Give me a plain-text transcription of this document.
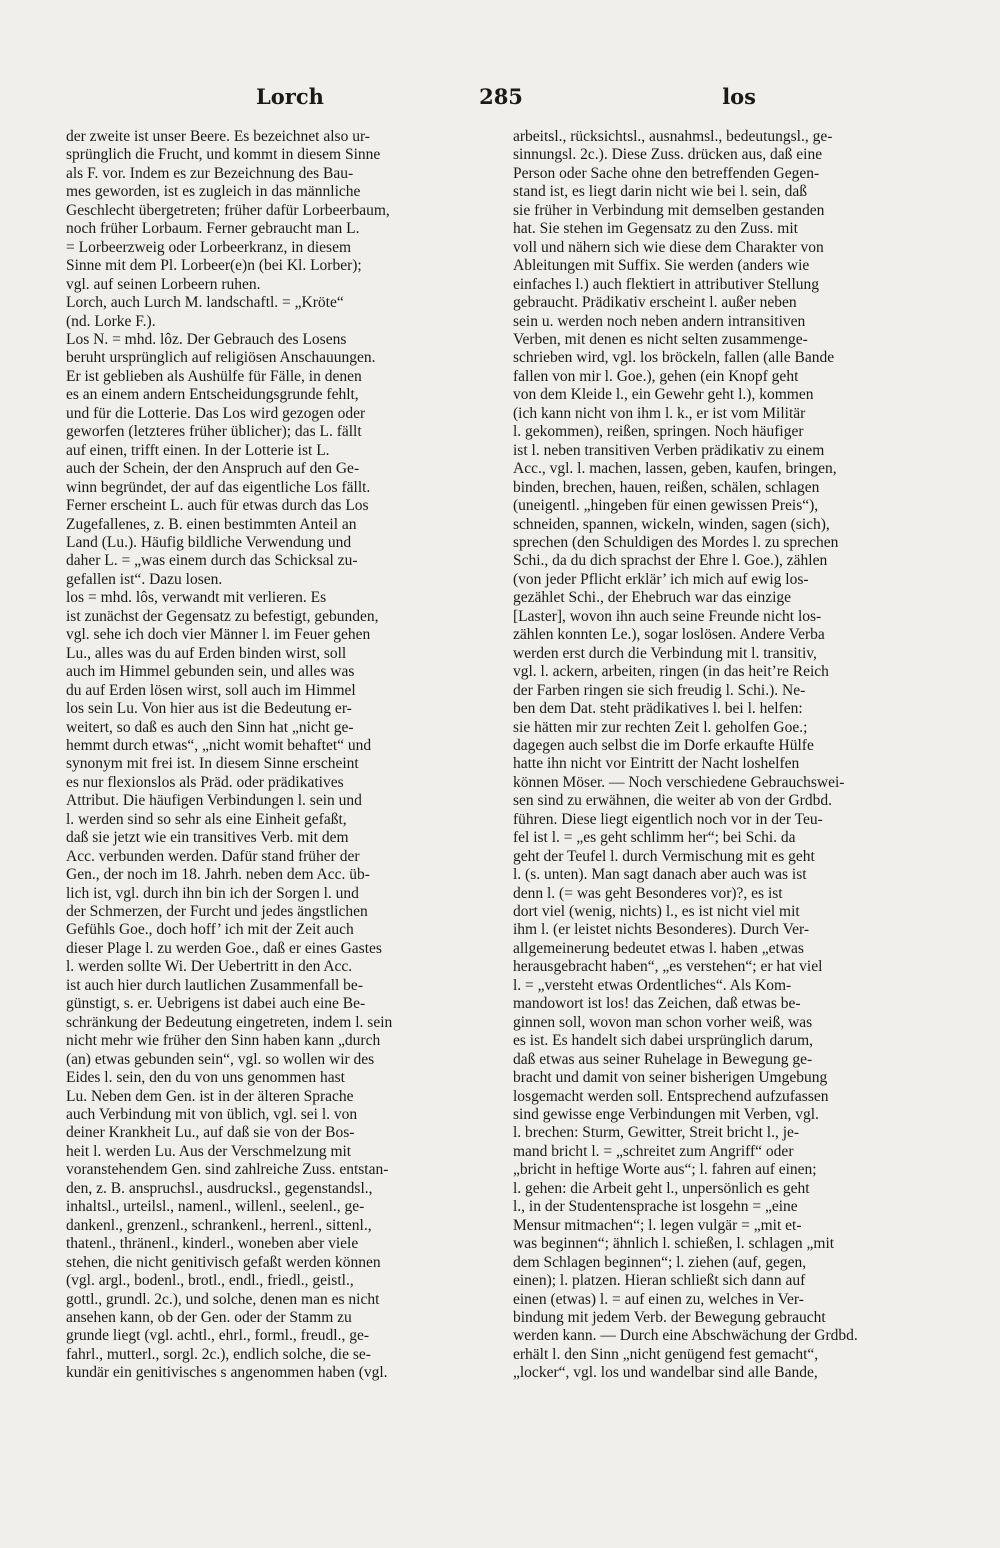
Lorch	285	los
der zweite ist unser Beere. Es bezeichnet also ur-
sprünglich die Frucht, und kommt in diesem Sinne
als F. vor. Indem es zur Bezeichnung des Bau-
mes geworden, ist es zugleich in das männliche
Geschlecht übergetreten; früher dafür Lorbeerbaum,
noch früher Lorbaum. Ferner gebraucht man L.
= Lorbeerzweig oder Lorbeerkranz, in diesem
Sinne mit dem Pl. Lorbeer(e)n (bei Kl. Lorber);
vgl. auf seinen Lorbeern ruhen.
Lorch, auch Lurch M. landschaftl. = „Kröte“
(nd. Lorke F.).
Los N. = mhd. lôz. Der Gebrauch des Losens
beruht ursprünglich auf religiösen Anschauungen.
Er ist geblieben als Aushülfe für Fälle, in denen
es an einem andern Entscheidungsgrunde fehlt,
und für die Lotterie. Das Los wird gezogen oder
geworfen (letzteres früher üblicher); das L. fällt
auf einen, trifft einen. In der Lotterie ist L.
auch der Schein, der den Anspruch auf den Ge-
winn begründet, der auf das eigentliche Los fällt.
Ferner erscheint L. auch für etwas durch das Los
Zugefallenes, z. B. einen bestimmten Anteil an
Land (Lu.). Häufig bildliche Verwendung und
daher L. = „was einem durch das Schicksal zu-
gefallen ist“. Dazu losen.
los = mhd. lôs, verwandt mit verlieren. Es
ist zunächst der Gegensatz zu befestigt, gebunden,
vgl. sehe ich doch vier Männer l. im Feuer gehen
Lu., alles was du auf Erden binden wirst, soll
auch im Himmel gebunden sein, und alles was
du auf Erden lösen wirst, soll auch im Himmel
los sein Lu. Von hier aus ist die Bedeutung er-
weitert, so daß es auch den Sinn hat „nicht ge-
hemmt durch etwas“, „nicht womit behaftet“ und
synonym mit frei ist. In diesem Sinne erscheint
es nur flexionslos als Präd. oder prädikatives
Attribut. Die häufigen Verbindungen l. sein und
l. werden sind so sehr als eine Einheit gefaßt,
daß sie jetzt wie ein transitives Verb. mit dem
Acc. verbunden werden. Dafür stand früher der
Gen., der noch im 18. Jahrh. neben dem Acc. üb-
lich ist, vgl. durch ihn bin ich der Sorgen l. und
der Schmerzen, der Furcht und jedes ängstlichen
Gefühls Goe., doch hoff’ ich mit der Zeit auch
dieser Plage l. zu werden Goe., daß er eines Gastes
l. werden sollte Wi. Der Uebertritt in den Acc.
ist auch hier durch lautlichen Zusammenfall be-
günstigt, s. er. Uebrigens ist dabei auch eine Be-
schränkung der Bedeutung eingetreten, indem l. sein
nicht mehr wie früher den Sinn haben kann „durch
(an) etwas gebunden sein“, vgl. so wollen wir des
Eides l. sein, den du von uns genommen hast
Lu. Neben dem Gen. ist in der älteren Sprache
auch Verbindung mit von üblich, vgl. sei l. von
deiner Krankheit Lu., auf daß sie von der Bos-
heit l. werden Lu. Aus der Verschmelzung mit
voranstehendem Gen. sind zahlreiche Zuss. entstan-
den, z. B. anspruchsl., ausdrucksl., gegenstandsl.,
inhaltsl., urteilsl., namenl., willenl., seelenl., ge-
dankenl., grenzenl., schrankenl., herrenl., sittenl.,
thatenl., thränenl., kinderl., woneben aber viele
stehen, die nicht genitivisch gefaßt werden können
(vgl. argl., bodenl., brotl., endl., friedl., geistl.,
gottl., grundl. 2c.), und solche, denen man es nicht
ansehen kann, ob der Gen. oder der Stamm zu
grunde liegt (vgl. achtl., ehrl., forml., freudl., ge-
fahrl., mutterl., sorgl. 2c.), endlich solche, die se-
kundär ein genitivisches s angenommen haben (vgl.
arbeitsl., rücksichtsl., ausnahmsl., bedeutungsl., ge-
sinnungsl. 2c.). Diese Zuss. drücken aus, daß eine
Person oder Sache ohne den betreffenden Gegen-
stand ist, es liegt darin nicht wie bei l. sein, daß
sie früher in Verbindung mit demselben gestanden
hat. Sie stehen im Gegensatz zu den Zuss. mit
voll und nähern sich wie diese dem Charakter von
Ableitungen mit Suffix. Sie werden (anders wie
einfaches l.) auch flektiert in attributiver Stellung
gebraucht. Prädikativ erscheint l. außer neben
sein u. werden noch neben andern intransitiven
Verben, mit denen es nicht selten zusammenge-
schrieben wird, vgl. los bröckeln, fallen (alle Bande
fallen von mir l. Goe.), gehen (ein Knopf geht
von dem Kleide l., ein Gewehr geht l.), kommen
(ich kann nicht von ihm l. k., er ist vom Militär
l. gekommen), reißen, springen. Noch häufiger
ist l. neben transitiven Verben prädikativ zu einem
Acc., vgl. l. machen, lassen, geben, kaufen, bringen,
binden, brechen, hauen, reißen, schälen, schlagen
(uneigentl. „hingeben für einen gewissen Preis“),
schneiden, spannen, wickeln, winden, sagen (sich),
sprechen (den Schuldigen des Mordes l. zu sprechen
Schi., da du dich sprachst der Ehre l. Goe.), zählen
(von jeder Pflicht erklär’ ich mich auf ewig los-
gezählet Schi., der Ehebruch war das einzige
[Laster], wovon ihn auch seine Freunde nicht los-
zählen konnten Le.), sogar loslösen. Andere Verba
werden erst durch die Verbindung mit l. transitiv,
vgl. l. ackern, arbeiten, ringen (in das heit’re Reich
der Farben ringen sie sich freudig l. Schi.). Ne-
ben dem Dat. steht prädikatives l. bei l. helfen:
sie hätten mir zur rechten Zeit l. geholfen Goe.;
dagegen auch selbst die im Dorfe erkaufte Hülfe
hatte ihn nicht vor Eintritt der Nacht loshelfen
können Möser. — Noch verschiedene Gebrauchswei-
sen sind zu erwähnen, die weiter ab von der Grdbd.
führen. Diese liegt eigentlich noch vor in der Teu-
fel ist l. = „es geht schlimm her“; bei Schi. da
geht der Teufel l. durch Vermischung mit es geht
l. (s. unten). Man sagt danach aber auch was ist
denn l. (= was geht Besonderes vor)?, es ist
dort viel (wenig, nichts) l., es ist nicht viel mit
ihm l. (er leistet nichts Besonderes). Durch Ver-
allgemeinerung bedeutet etwas l. haben „etwas
herausgebracht haben“, „es verstehen“; er hat viel
l. = „versteht etwas Ordentliches“. Als Kom-
mandowort ist los! das Zeichen, daß etwas be-
ginnen soll, wovon man schon vorher weiß, was
es ist. Es handelt sich dabei ursprünglich darum,
daß etwas aus seiner Ruhelage in Bewegung ge-
bracht und damit von seiner bisherigen Umgebung
losgemacht werden soll. Entsprechend aufzufassen
sind gewisse enge Verbindungen mit Verben, vgl.
l. brechen: Sturm, Gewitter, Streit bricht l., je-
mand bricht l. = „schreitet zum Angriff“ oder
„bricht in heftige Worte aus“; l. fahren auf einen;
l. gehen: die Arbeit geht l., unpersönlich es geht
l., in der Studentensprache ist losgehn = „eine
Mensur mitmachen“; l. legen vulgär = „mit et-
was beginnen“; ähnlich l. schießen, l. schlagen „mit
dem Schlagen beginnen“; l. ziehen (auf, gegen,
einen); l. platzen. Hieran schließt sich dann auf
einen (etwas) l. = auf einen zu, welches in Ver-
bindung mit jedem Verb. der Bewegung gebraucht
werden kann. — Durch eine Abschwächung der Grdbd.
erhält l. den Sinn „nicht genügend fest gemacht“,
„locker“, vgl. los und wandelbar sind alle Bande,
